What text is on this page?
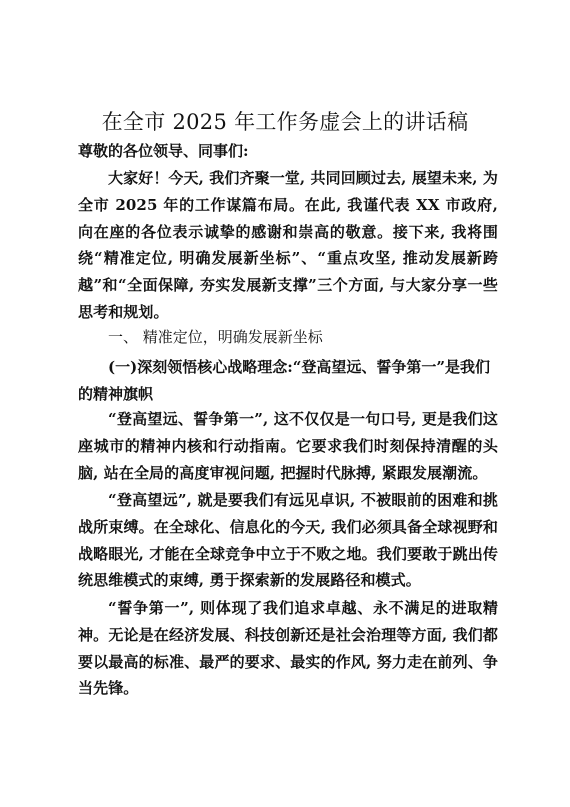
在全市 2025 年工作务虚会上的讲话稿
尊敬的各位领导、同事们:

大家好！今天, 我们齐聚一堂, 共同回顾过去, 展望未来, 为全市 2025 年的工作谋篇布局。在此, 我谨代表 XX 市政府, 向在座的各位表示诚挚的感谢和崇高的敬意。接下来, 我将围绕“精准定位, 明确发展新坐标”、“重点攻坚, 推动发展新跨越”和“全面保障, 夯实发展新支撑”三个方面, 与大家分享一些思考和规划。

一、 精准定位，明确发展新坐标

(一)深刻领悟核心战略理念:“登高望远、誓争第一”是我们的精神旗帜

“登高望远、誓争第一”, 这不仅仅是一句口号, 更是我们这座城市的精神内核和行动指南。它要求我们时刻保持清醒的头脑, 站在全局的高度审视问题, 把握时代脉搏, 紧跟发展潮流。

“登高望远”, 就是要我们有远见卓识, 不被眼前的困难和挑战所束缚。在全球化、信息化的今天, 我们必须具备全球视野和战略眼光, 才能在全球竞争中立于不败之地。我们要敢于跳出传统思维模式的束缚, 勇于探索新的发展路径和模式。

“誓争第一”, 则体现了我们追求卓越、永不满足的进取精神。无论是在经济发展、科技创新还是社会治理等方面, 我们都要以最高的标准、最严的要求、最实的作风, 努力走在前列、争当先锋。
